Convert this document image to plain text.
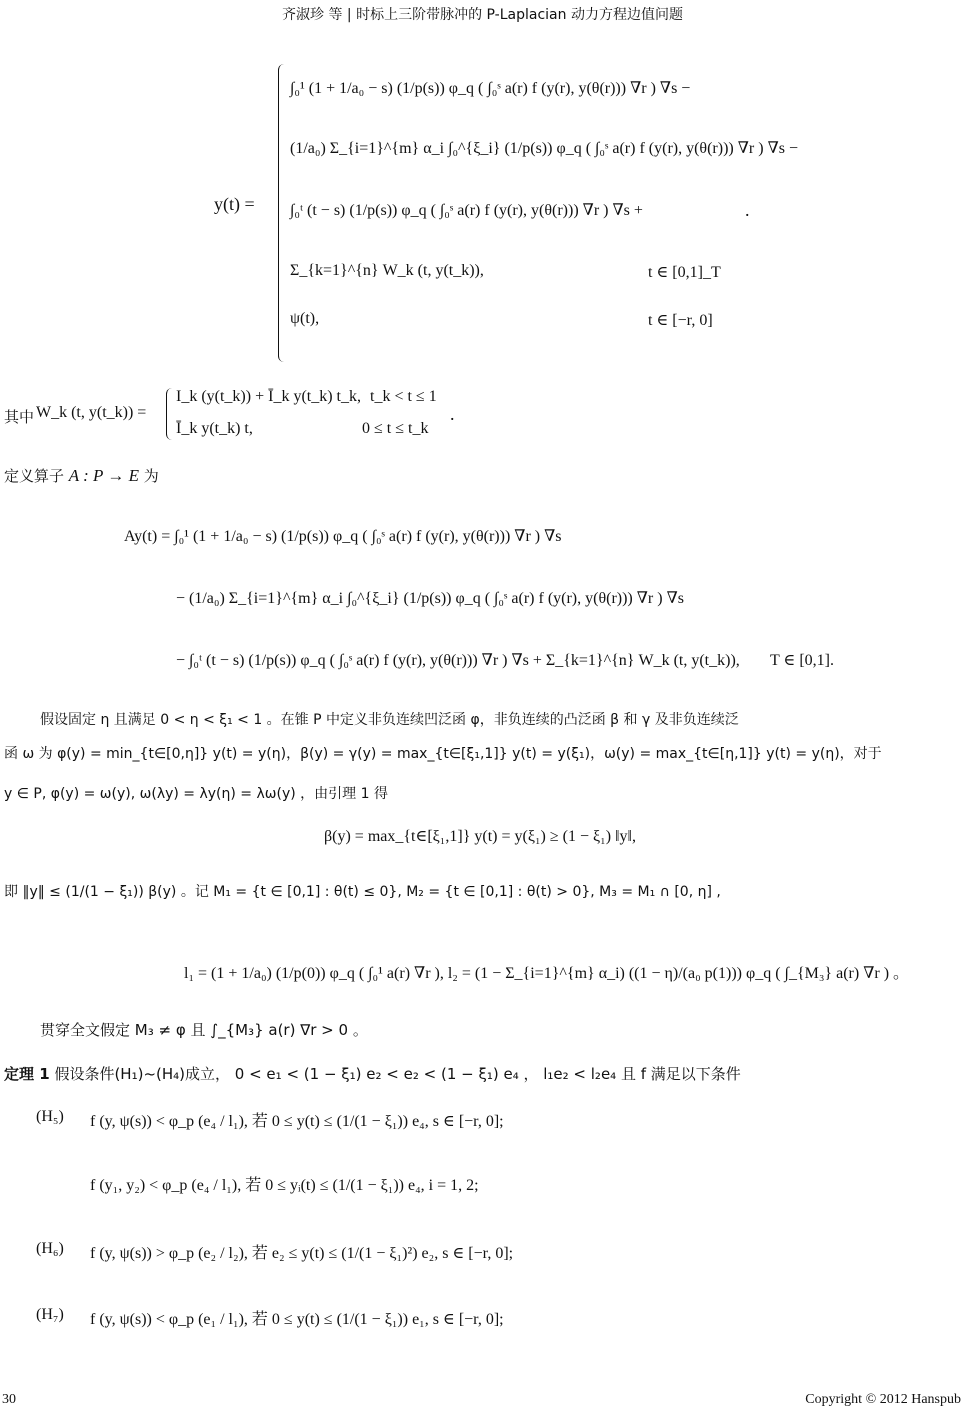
齐淑珍 等 | 时标上三阶带脉冲的 P-Laplacian 动力方程边值问题
y(t) =
∫₀¹ (1 + 1/a₀ − s) (1/p(s)) φ_q ( ∫₀ˢ a(r) f (y(r), y(θ(r))) ∇r ) ∇s −
(1/a₀) Σ_{i=1}^{m} α_i ∫₀^{ξ_i} (1/p(s)) φ_q ( ∫₀ˢ a(r) f (y(r), y(θ(r))) ∇r ) ∇s −
∫₀ᵗ (t − s) (1/p(s)) φ_q ( ∫₀ˢ a(r) f (y(r), y(θ(r))) ∇r ) ∇s +
Σ_{k=1}^{n} W_k (t, y(t_k)),	t ∈ [0,1]_T
ψ(t),	t ∈ [−r, 0]
.
其中 W_k (t, y(t_k)) =
I_k (y(t_k)) + Ī_k y(t_k) t_k, t_k < t ≤ 1
Ī_k y(t_k) t,	0 ≤ t ≤ t_k
.
定义算子 A : P → E 为
Ay(t) = ∫₀¹ (1 + 1/a₀ − s) (1/p(s)) φ_q ( ∫₀ˢ a(r) f (y(r), y(θ(r))) ∇r ) ∇s
− (1/a₀) Σ_{i=1}^{m} α_i ∫₀^{ξ_i} (1/p(s)) φ_q ( ∫₀ˢ a(r) f (y(r), y(θ(r))) ∇r ) ∇s
− ∫₀ᵗ (t − s) (1/p(s)) φ_q ( ∫₀ˢ a(r) f (y(r), y(θ(r))) ∇r ) ∇s + Σ_{k=1}^{n} W_k (t, y(t_k)), T ∈ [0,1].
假设固定 η 且满足 0 < η < ξ₁ < 1 。在锥 P 中定义非负连续凹泛函 φ，非负连续的凸泛函 β 和 γ 及非负连续泛
函 ω 为 φ(y) = min_{t∈[0,η]} y(t) = y(η)，β(y) = γ(y) = max_{t∈[ξ₁,1]} y(t) = y(ξ₁)，ω(y) = max_{t∈[η,1]} y(t) = y(η)，对于
y ∈ P, φ(y) = ω(y), ω(λy) = λy(η) = λω(y) ，由引理 1 得
β(y) = max_{t∈[ξ₁,1]} y(t) = y(ξ₁) ≥ (1 − ξ₁) ‖y‖,
即 ‖y‖ ≤ (1/(1 − ξ₁)) β(y) 。记 M₁ = {t ∈ [0,1] : θ(t) ≤ 0}, M₂ = {t ∈ [0,1] : θ(t) > 0}, M₃ = M₁ ∩ [0, η] ,
l₁ = (1 + 1/a₀) (1/p(0)) φ_q ( ∫₀¹ a(r) ∇r ), l₂ = (1 − Σ_{i=1}^{m} α_i) ((1 − η)/(a₀ p(1))) φ_q ( ∫_{M₃} a(r) ∇r ) 。
贯穿全文假定 M₃ ≠ φ 且 ∫_{M₃} a(r) ∇r > 0 。
定理 1 假设条件(H₁)~(H₄)成立， 0 < e₁ < (1 − ξ₁) e₂ < e₂ < (1 − ξ₁) e₄ ， l₁e₂ < l₂e₄ 且 f 满足以下条件
(H₅) f (y, ψ(s)) < φ_p (e₄ / l₁), 若 0 ≤ y(t) ≤ (1/(1 − ξ₁)) e₄, s ∈ [−r, 0];
f (y₁, y₂) < φ_p (e₄ / l₁), 若 0 ≤ yᵢ(t) ≤ (1/(1 − ξ₁)) e₄, i = 1, 2;
(H₆) f (y, ψ(s)) > φ_p (e₂ / l₂), 若 e₂ ≤ y(t) ≤ (1/(1 − ξ₁)²) e₂, s ∈ [−r, 0];
(H₇) f (y, ψ(s)) < φ_p (e₁ / l₁), 若 0 ≤ y(t) ≤ (1/(1 − ξ₁)) e₁, s ∈ [−r, 0];
30	Copyright © 2012 Hanspub
